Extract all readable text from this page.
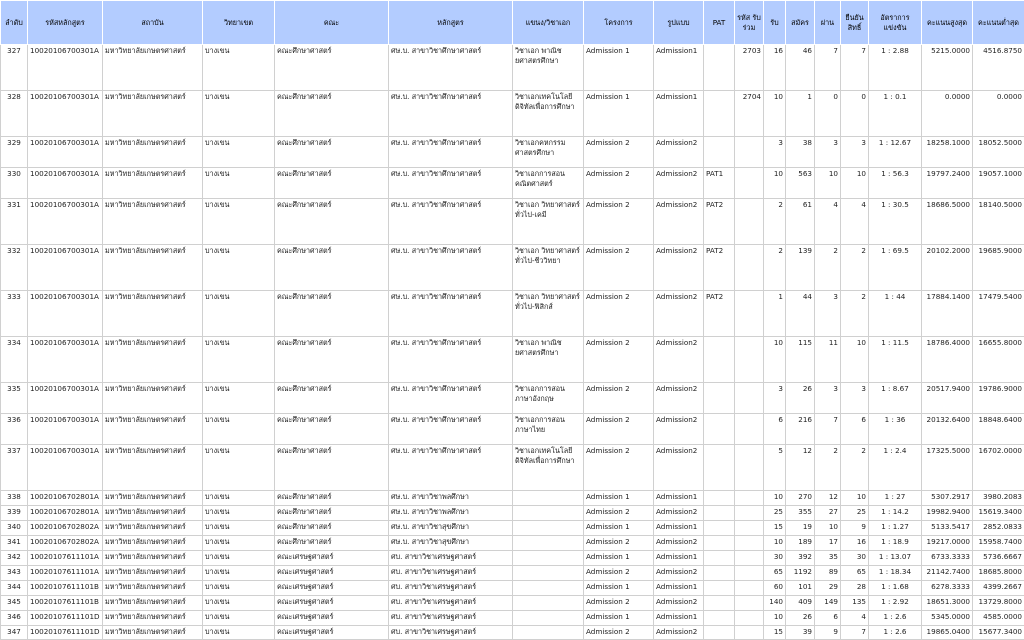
ลำดับ	รหัสหลักสูตร	สถาบัน	วิทยาเขต	คณะ	หลักสูตร	แขนง/วิชาเอก	โครงการ	รูปแบบ	PAT	รหัส รับร่วม	รับ	สมัคร	ผ่าน	ยืนยัน สิทธิ์	อัตราการ แข่งขัน	คะแนนสูงสุด	คะแนนต่ำสุด
327	10020106700301A	มหาวิทยาลัยเกษตรศาสตร์	บางเขน	คณะศึกษาศาสตร์	ศษ.บ. สาขาวิชาศึกษาศาสตร์	วิชาเอก พาณิชยศาสตรศึกษา	Admission 1	Admission1		2703	16	46	7	7	1 : 2.88	5215.0000	4516.8750
328	10020106700301A	มหาวิทยาลัยเกษตรศาสตร์	บางเขน	คณะศึกษาศาสตร์	ศษ.บ. สาขาวิชาศึกษาศาสตร์	วิชาเอกเทคโนโลยีดิจิทัลเพื่อการศึกษา	Admission 1	Admission1		2704	10	1	0	0	1 : 0.1	0.0000	0.0000
329	10020106700301A	มหาวิทยาลัยเกษตรศาสตร์	บางเขน	คณะศึกษาศาสตร์	ศษ.บ. สาขาวิชาศึกษาศาสตร์	วิชาเอกคหกรรมศาสตรศึกษา	Admission 2	Admission2			3	38	3	3	1 : 12.67	18258.1000	18052.5000
330	10020106700301A	มหาวิทยาลัยเกษตรศาสตร์	บางเขน	คณะศึกษาศาสตร์	ศษ.บ. สาขาวิชาศึกษาศาสตร์	วิชาเอกการสอนคณิตศาสตร์	Admission 2	Admission2	PAT1		10	563	10	10	1 : 56.3	19797.2400	19057.1000
331	10020106700301A	มหาวิทยาลัยเกษตรศาสตร์	บางเขน	คณะศึกษาศาสตร์	ศษ.บ. สาขาวิชาศึกษาศาสตร์	วิชาเอก วิทยาศาสตร์ทั่วไป-เคมี	Admission 2	Admission2	PAT2		2	61	4	4	1 : 30.5	18686.5000	18140.5000
332	10020106700301A	มหาวิทยาลัยเกษตรศาสตร์	บางเขน	คณะศึกษาศาสตร์	ศษ.บ. สาขาวิชาศึกษาศาสตร์	วิชาเอก วิทยาศาสตร์ทั่วไป-ชีววิทยา	Admission 2	Admission2	PAT2		2	139	2	2	1 : 69.5	20102.2000	19685.9000
333	10020106700301A	มหาวิทยาลัยเกษตรศาสตร์	บางเขน	คณะศึกษาศาสตร์	ศษ.บ. สาขาวิชาศึกษาศาสตร์	วิชาเอก วิทยาศาสตร์ทั่วไป-ฟิสิกส์	Admission 2	Admission2	PAT2		1	44	3	2	1 : 44	17884.1400	17479.5400
334	10020106700301A	มหาวิทยาลัยเกษตรศาสตร์	บางเขน	คณะศึกษาศาสตร์	ศษ.บ. สาขาวิชาศึกษาศาสตร์	วิชาเอก พาณิชยศาสตรศึกษา	Admission 2	Admission2			10	115	11	10	1 : 11.5	18786.4000	16655.8000
335	10020106700301A	มหาวิทยาลัยเกษตรศาสตร์	บางเขน	คณะศึกษาศาสตร์	ศษ.บ. สาขาวิชาศึกษาศาสตร์	วิชาเอกการสอนภาษาอังกฤษ	Admission 2	Admission2			3	26	3	3	1 : 8.67	20517.9400	19786.9000
336	10020106700301A	มหาวิทยาลัยเกษตรศาสตร์	บางเขน	คณะศึกษาศาสตร์	ศษ.บ. สาขาวิชาศึกษาศาสตร์	วิชาเอกการสอนภาษาไทย	Admission 2	Admission2			6	216	7	6	1 : 36	20132.6400	18848.6400
337	10020106700301A	มหาวิทยาลัยเกษตรศาสตร์	บางเขน	คณะศึกษาศาสตร์	ศษ.บ. สาขาวิชาศึกษาศาสตร์	วิชาเอกเทคโนโลยีดิจิทัลเพื่อการศึกษา	Admission 2	Admission2			5	12	2	2	1 : 2.4	17325.5000	16702.0000
338	10020106702801A	มหาวิทยาลัยเกษตรศาสตร์	บางเขน	คณะศึกษาศาสตร์	ศษ.บ. สาขาวิชาพลศึกษา		Admission 1	Admission1			10	270	12	10	1 : 27	5307.2917	3980.2083
339	10020106702801A	มหาวิทยาลัยเกษตรศาสตร์	บางเขน	คณะศึกษาศาสตร์	ศษ.บ. สาขาวิชาพลศึกษา		Admission 2	Admission2			25	355	27	25	1 : 14.2	19982.9400	15619.3400
340	10020106702802A	มหาวิทยาลัยเกษตรศาสตร์	บางเขน	คณะศึกษาศาสตร์	ศษ.บ. สาขาวิชาสุขศึกษา		Admission 1	Admission1			15	19	10	9	1 : 1.27	5133.5417	2852.0833
341	10020106702802A	มหาวิทยาลัยเกษตรศาสตร์	บางเขน	คณะศึกษาศาสตร์	ศษ.บ. สาขาวิชาสุขศึกษา		Admission 2	Admission2			10	189	17	16	1 : 18.9	19217.0000	15958.7400
342	10020107611101A	มหาวิทยาลัยเกษตรศาสตร์	บางเขน	คณะเศรษฐศาสตร์	ศบ. สาขาวิชาเศรษฐศาสตร์		Admission 1	Admission1			30	392	35	30	1 : 13.07	6733.3333	5736.6667
343	10020107611101A	มหาวิทยาลัยเกษตรศาสตร์	บางเขน	คณะเศรษฐศาสตร์	ศบ. สาขาวิชาเศรษฐศาสตร์		Admission 2	Admission2			65	1192	89	65	1 : 18.34	21142.7400	18685.8000
344	10020107611101B	มหาวิทยาลัยเกษตรศาสตร์	บางเขน	คณะเศรษฐศาสตร์	ศบ. สาขาวิชาเศรษฐศาสตร์		Admission 1	Admission1			60	101	29	28	1 : 1.68	6278.3333	4399.2667
345	10020107611101B	มหาวิทยาลัยเกษตรศาสตร์	บางเขน	คณะเศรษฐศาสตร์	ศบ. สาขาวิชาเศรษฐศาสตร์		Admission 2	Admission2			140	409	149	135	1 : 2.92	18651.3000	13729.8000
346	10020107611101D	มหาวิทยาลัยเกษตรศาสตร์	บางเขน	คณะเศรษฐศาสตร์	ศบ. สาขาวิชาเศรษฐศาสตร์		Admission 1	Admission1			10	26	6	4	1 : 2.6	5345.0000	4585.0000
347	10020107611101D	มหาวิทยาลัยเกษตรศาสตร์	บางเขน	คณะเศรษฐศาสตร์	ศบ. สาขาวิชาเศรษฐศาสตร์		Admission 2	Admission2			15	39	9	7	1 : 2.6	19865.0400	15677.3400
